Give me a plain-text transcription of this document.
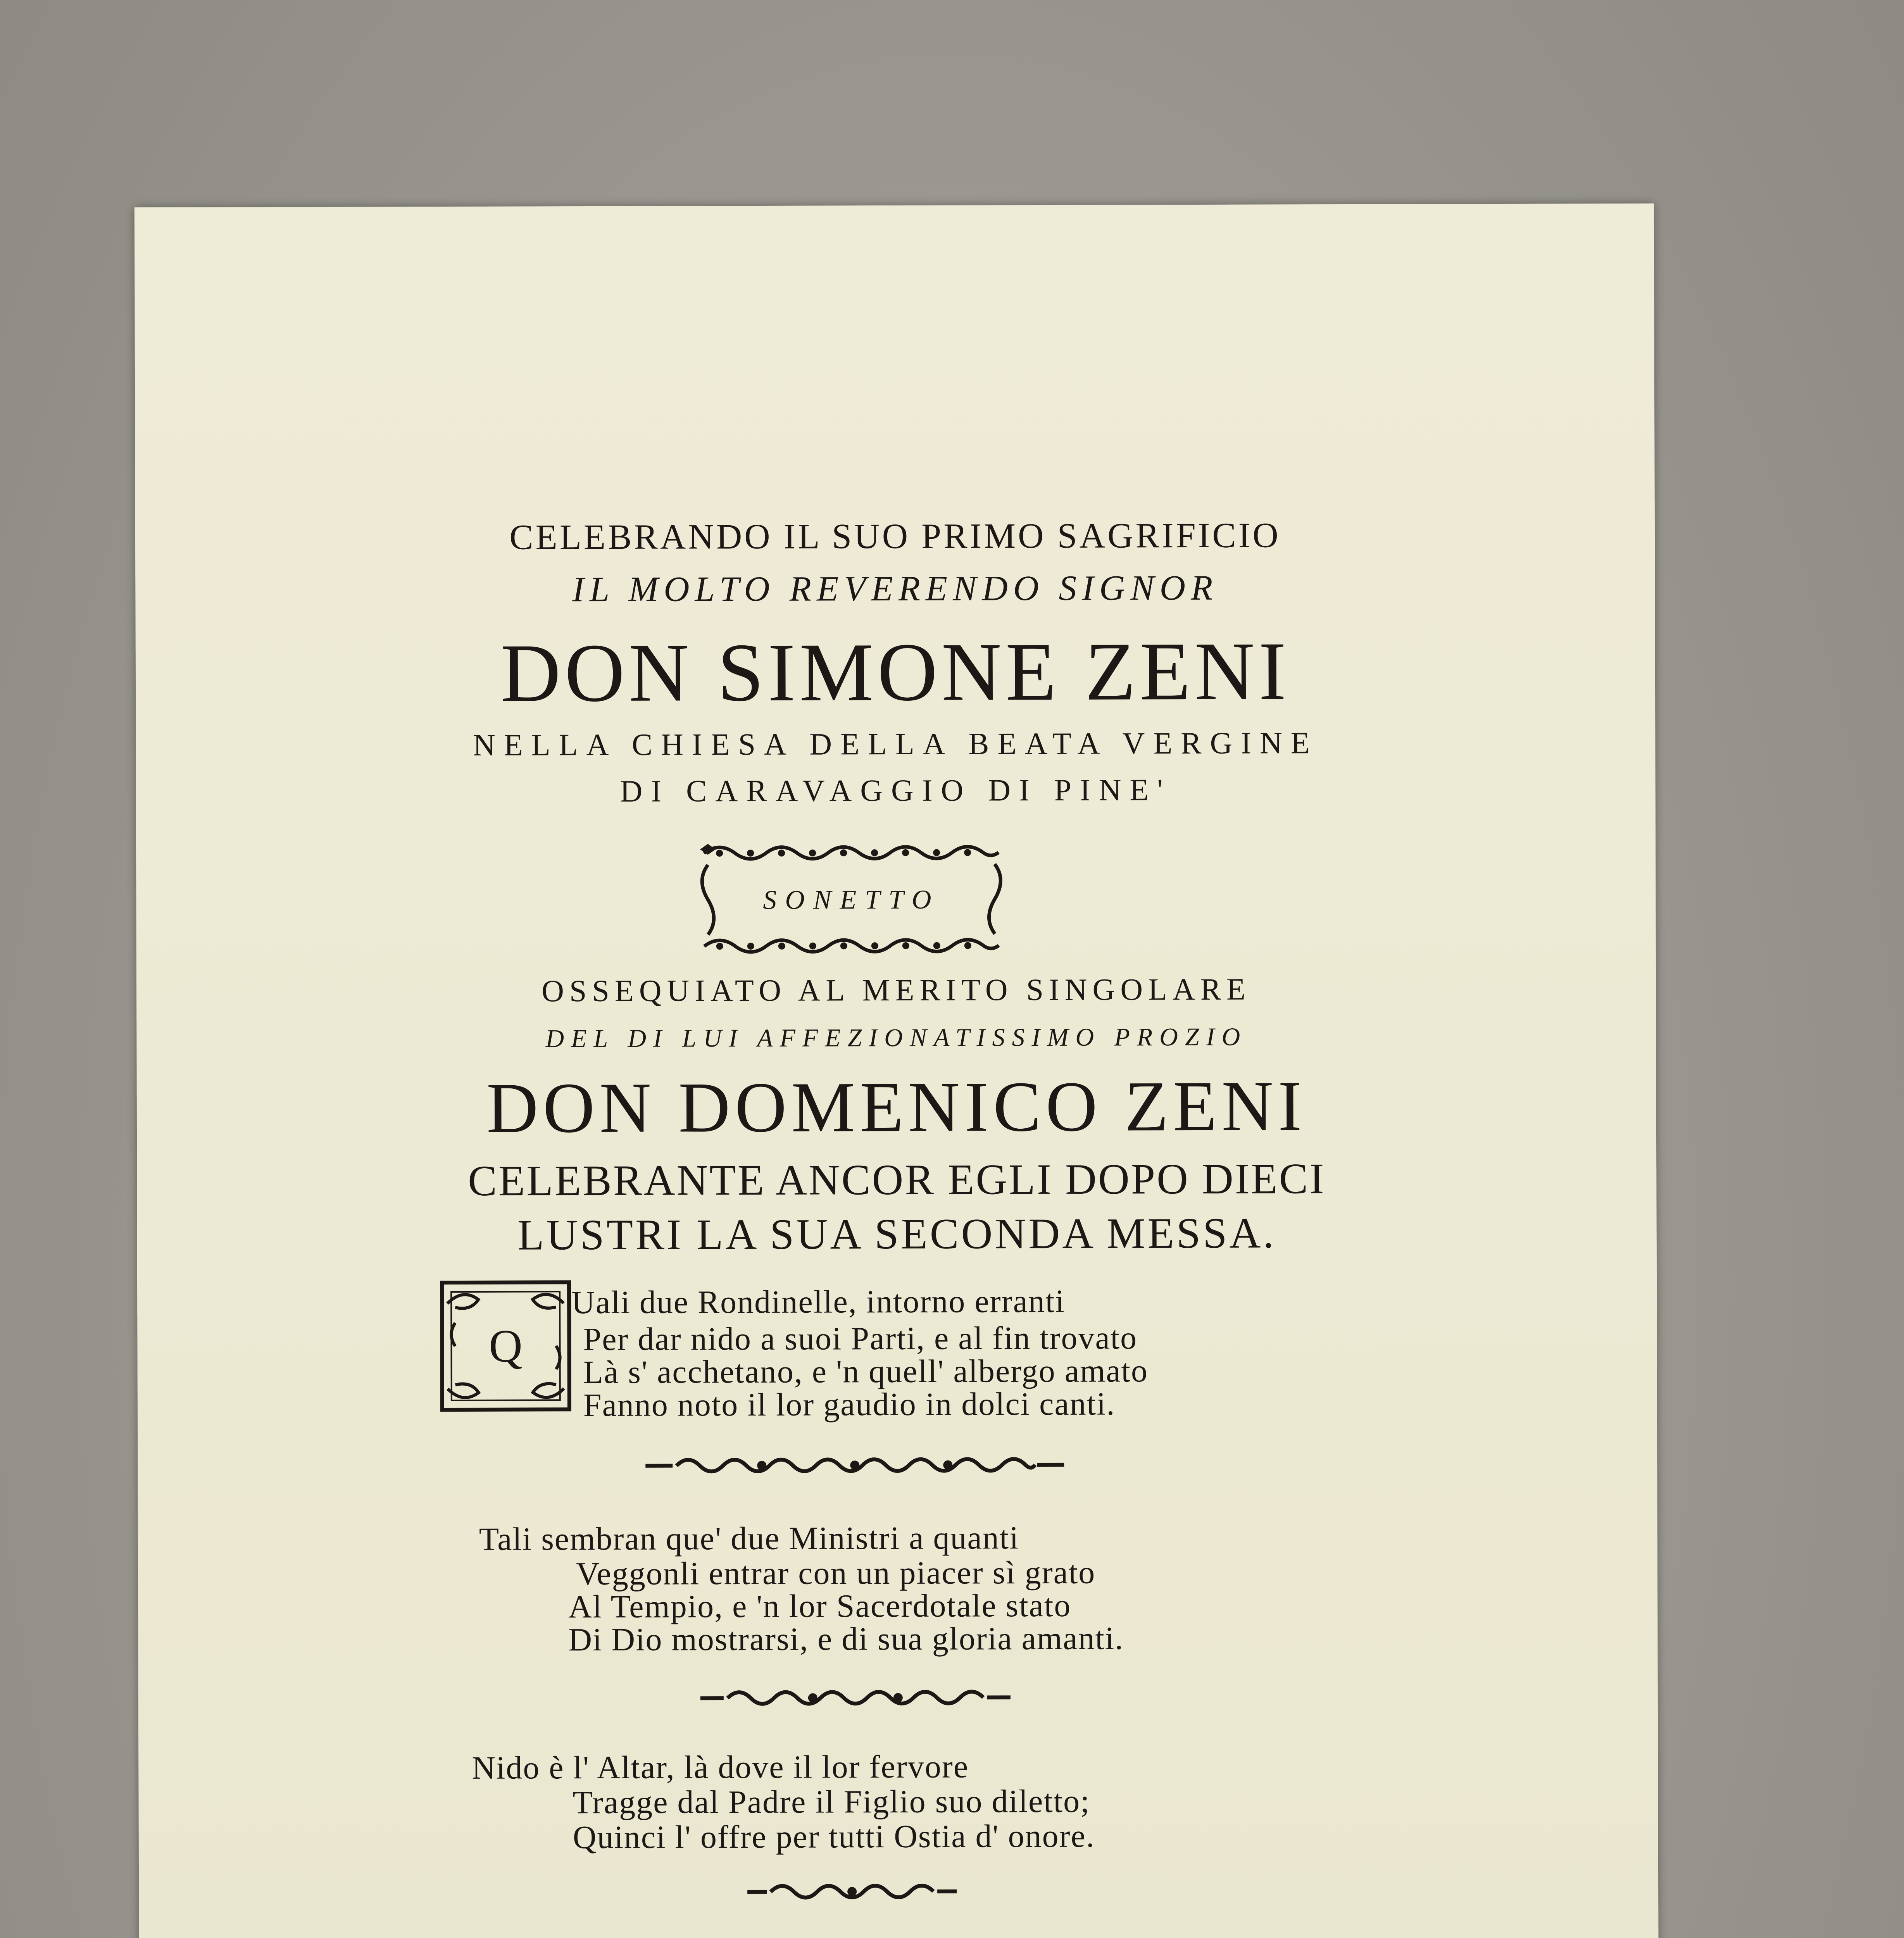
CELEBRANDO IL SUO PRIMO SAGRIFICIO
IL MOLTO REVERENDO SIGNOR
DON SIMONE ZENI
NELLA CHIESA DELLA BEATA VERGINE
DI CARAVAGGIO DI PINE'
SONETTO
OSSEQUIATO AL MERITO SINGOLARE
DEL DI LUI AFFEZIONATISSIMO PROZIO
DON DOMENICO ZENI
CELEBRANTE ANCOR EGLI DOPO DIECI
LUSTRI LA SUA SECONDA MESSA.
Q
Uali due Rondinelle, intorno erranti
Per dar nido a suoi Parti, e al fin trovato
Là s' acchetano, e 'n quell' albergo amato
Fanno noto il lor gaudio in dolci canti.
Tali sembran que' due Ministri a quanti
Veggonli entrar con un piacer sì grato
Al Tempio, e 'n lor Sacerdotale stato
Di Dio mostrarsi, e di sua gloria amanti.
Nido è l' Altar, là dove il lor fervore
Tragge dal Padre il Figlio suo diletto;
Quinci l' offre per tutti Ostia d' onore.
